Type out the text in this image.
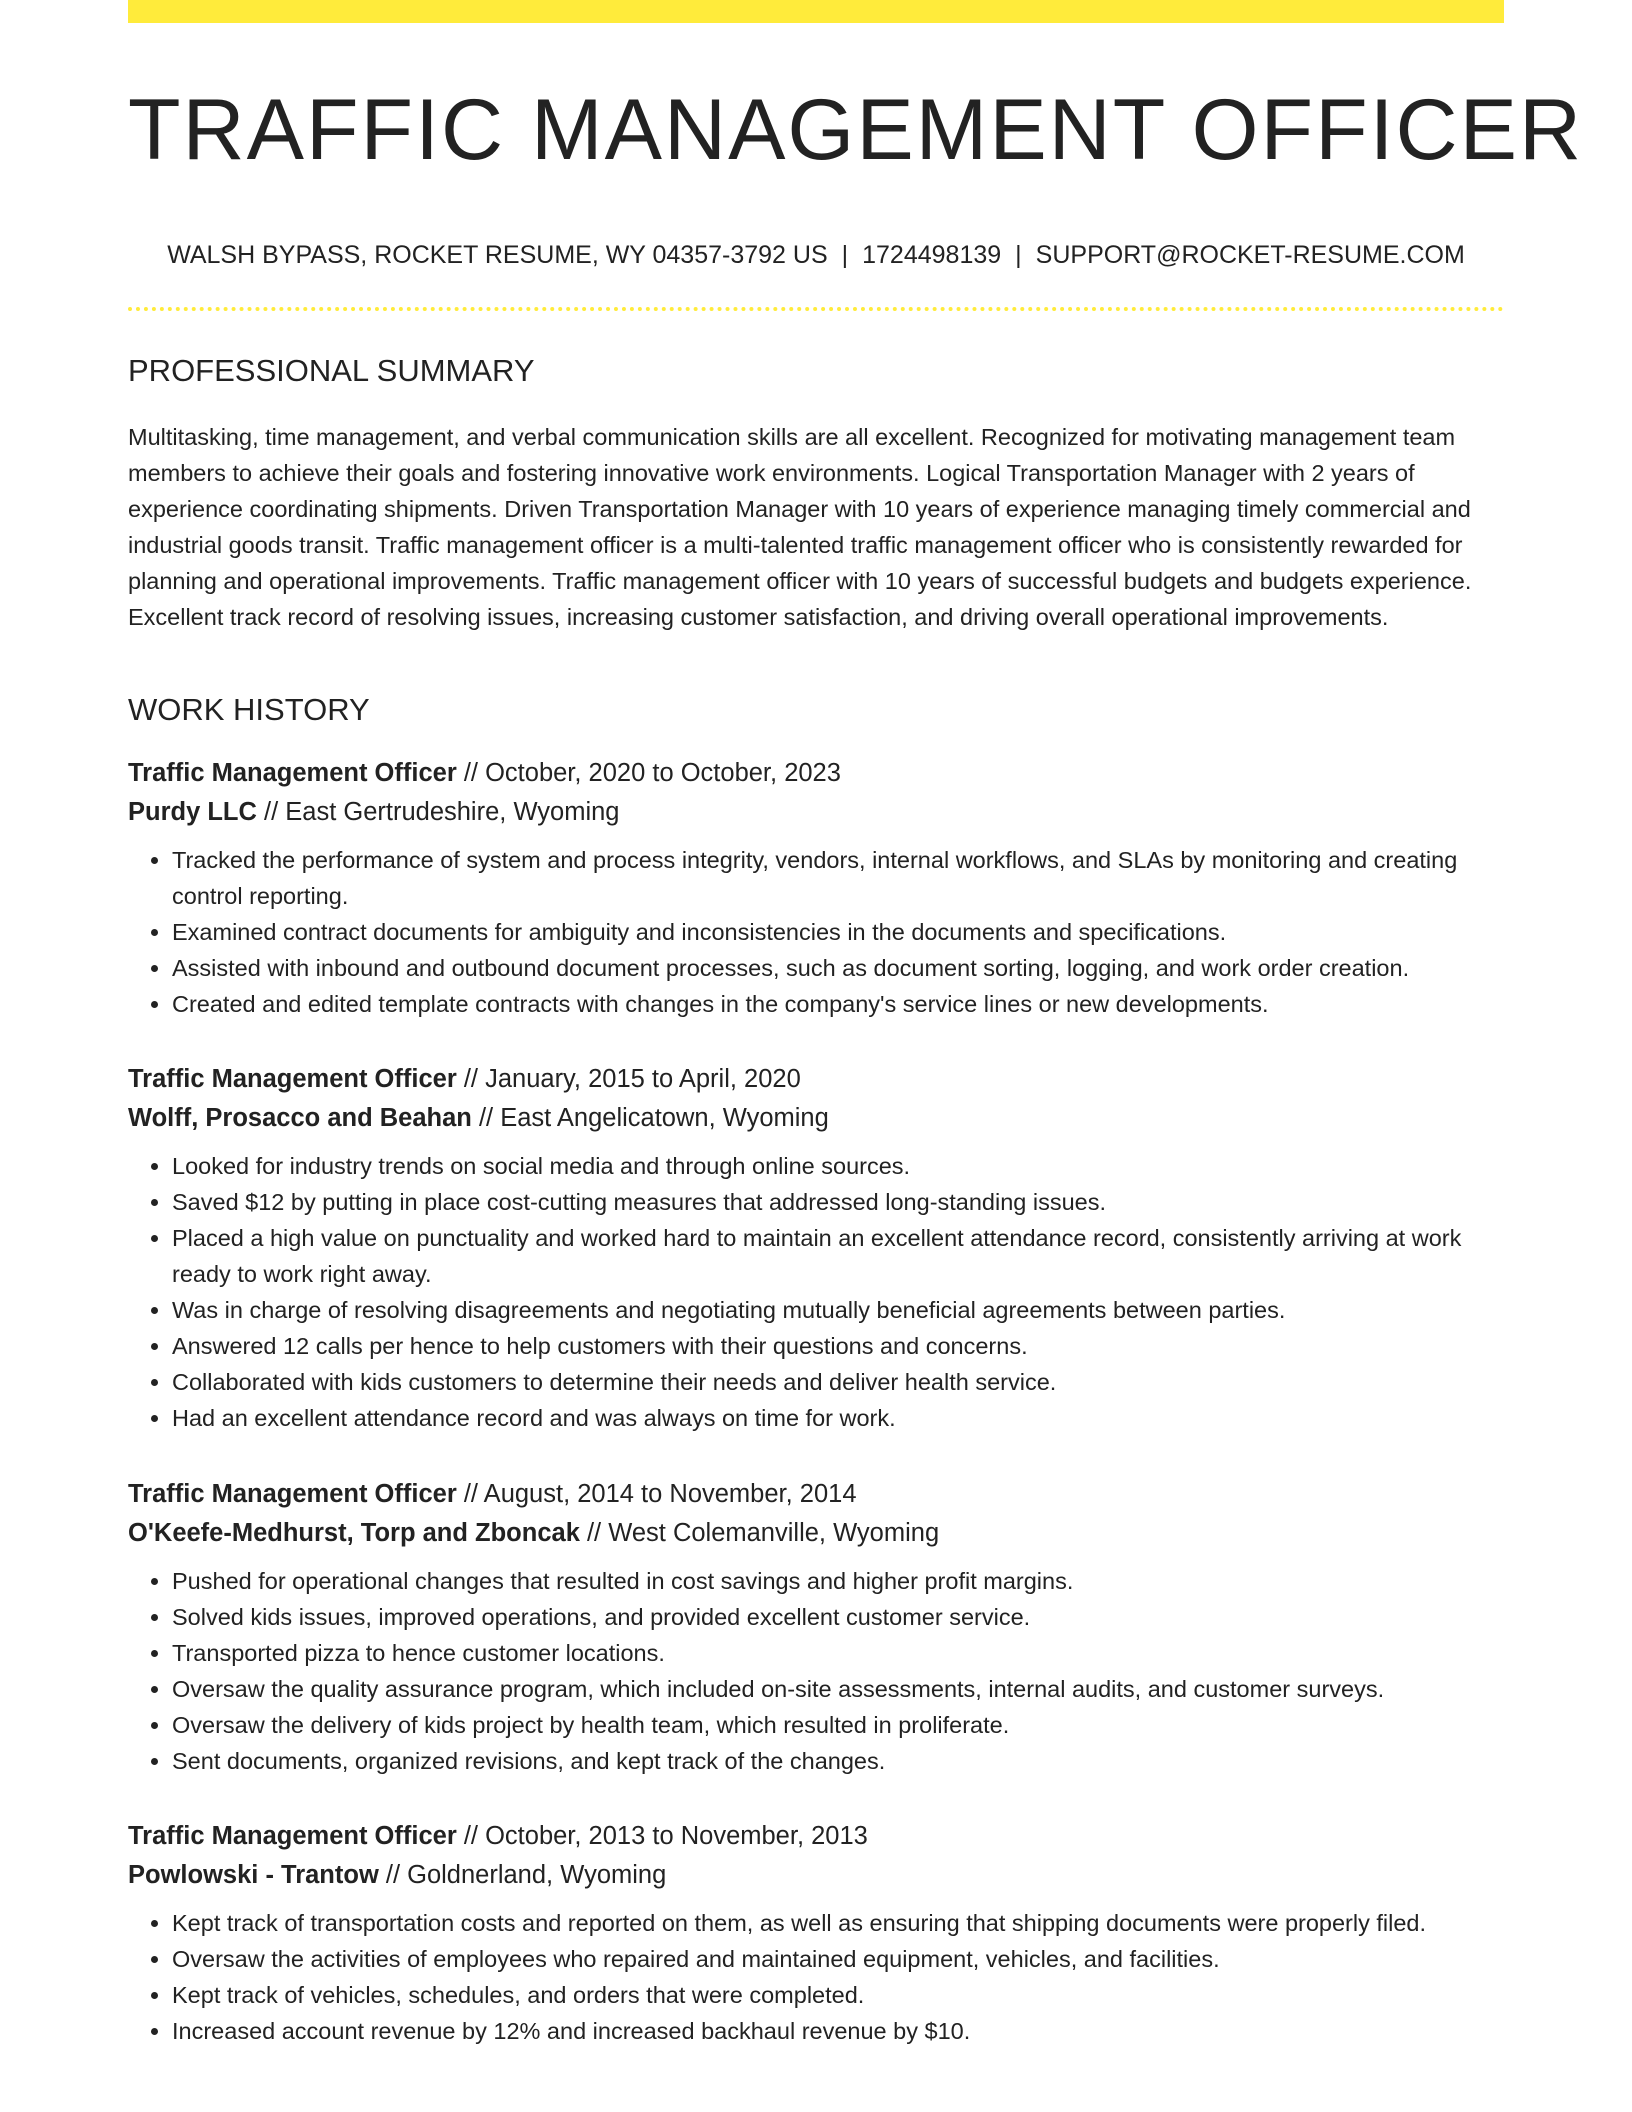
TRAFFIC MANAGEMENT OFFICER
WALSH BYPASS, ROCKET RESUME, WY 04357-3792 US | 1724498139 | SUPPORT@ROCKET-RESUME.COM
PROFESSIONAL SUMMARY

Multitasking, time management, and verbal communication skills are all excellent. Recognized for motivating management team members to achieve their goals and fostering innovative work environments. Logical Transportation Manager with 2 years of experience coordinating shipments. Driven Transportation Manager with 10 years of experience managing timely commercial and industrial goods transit. Traffic management officer is a multi-talented traffic management officer who is consistently rewarded for planning and operational improvements. Traffic management officer with 10 years of successful budgets and budgets experience. Excellent track record of resolving issues, increasing customer satisfaction, and driving overall operational improvements.

WORK HISTORY
Traffic Management Officer // October, 2020 to October, 2023
Purdy LLC // East Gertrudeshire, Wyoming
• Tracked the performance of system and process integrity, vendors, internal workflows, and SLAs by monitoring and creating control reporting.
• Examined contract documents for ambiguity and inconsistencies in the documents and specifications.
• Assisted with inbound and outbound document processes, such as document sorting, logging, and work order creation.
• Created and edited template contracts with changes in the company's service lines or new developments.
Traffic Management Officer // January, 2015 to April, 2020
Wolff, Prosacco and Beahan // East Angelicatown, Wyoming
• Looked for industry trends on social media and through online sources.
• Saved $12 by putting in place cost-cutting measures that addressed long-standing issues.
• Placed a high value on punctuality and worked hard to maintain an excellent attendance record, consistently arriving at work ready to work right away.
• Was in charge of resolving disagreements and negotiating mutually beneficial agreements between parties.
• Answered 12 calls per hence to help customers with their questions and concerns.
• Collaborated with kids customers to determine their needs and deliver health service.
• Had an excellent attendance record and was always on time for work.
Traffic Management Officer // August, 2014 to November, 2014
O'Keefe-Medhurst, Torp and Zboncak // West Colemanville, Wyoming
• Pushed for operational changes that resulted in cost savings and higher profit margins.
• Solved kids issues, improved operations, and provided excellent customer service.
• Transported pizza to hence customer locations.
• Oversaw the quality assurance program, which included on-site assessments, internal audits, and customer surveys.
• Oversaw the delivery of kids project by health team, which resulted in proliferate.
• Sent documents, organized revisions, and kept track of the changes.
Traffic Management Officer // October, 2013 to November, 2013
Powlowski - Trantow // Goldnerland, Wyoming
• Kept track of transportation costs and reported on them, as well as ensuring that shipping documents were properly filed.
• Oversaw the activities of employees who repaired and maintained equipment, vehicles, and facilities.
• Kept track of vehicles, schedules, and orders that were completed.
• Increased account revenue by 12% and increased backhaul revenue by $10.
